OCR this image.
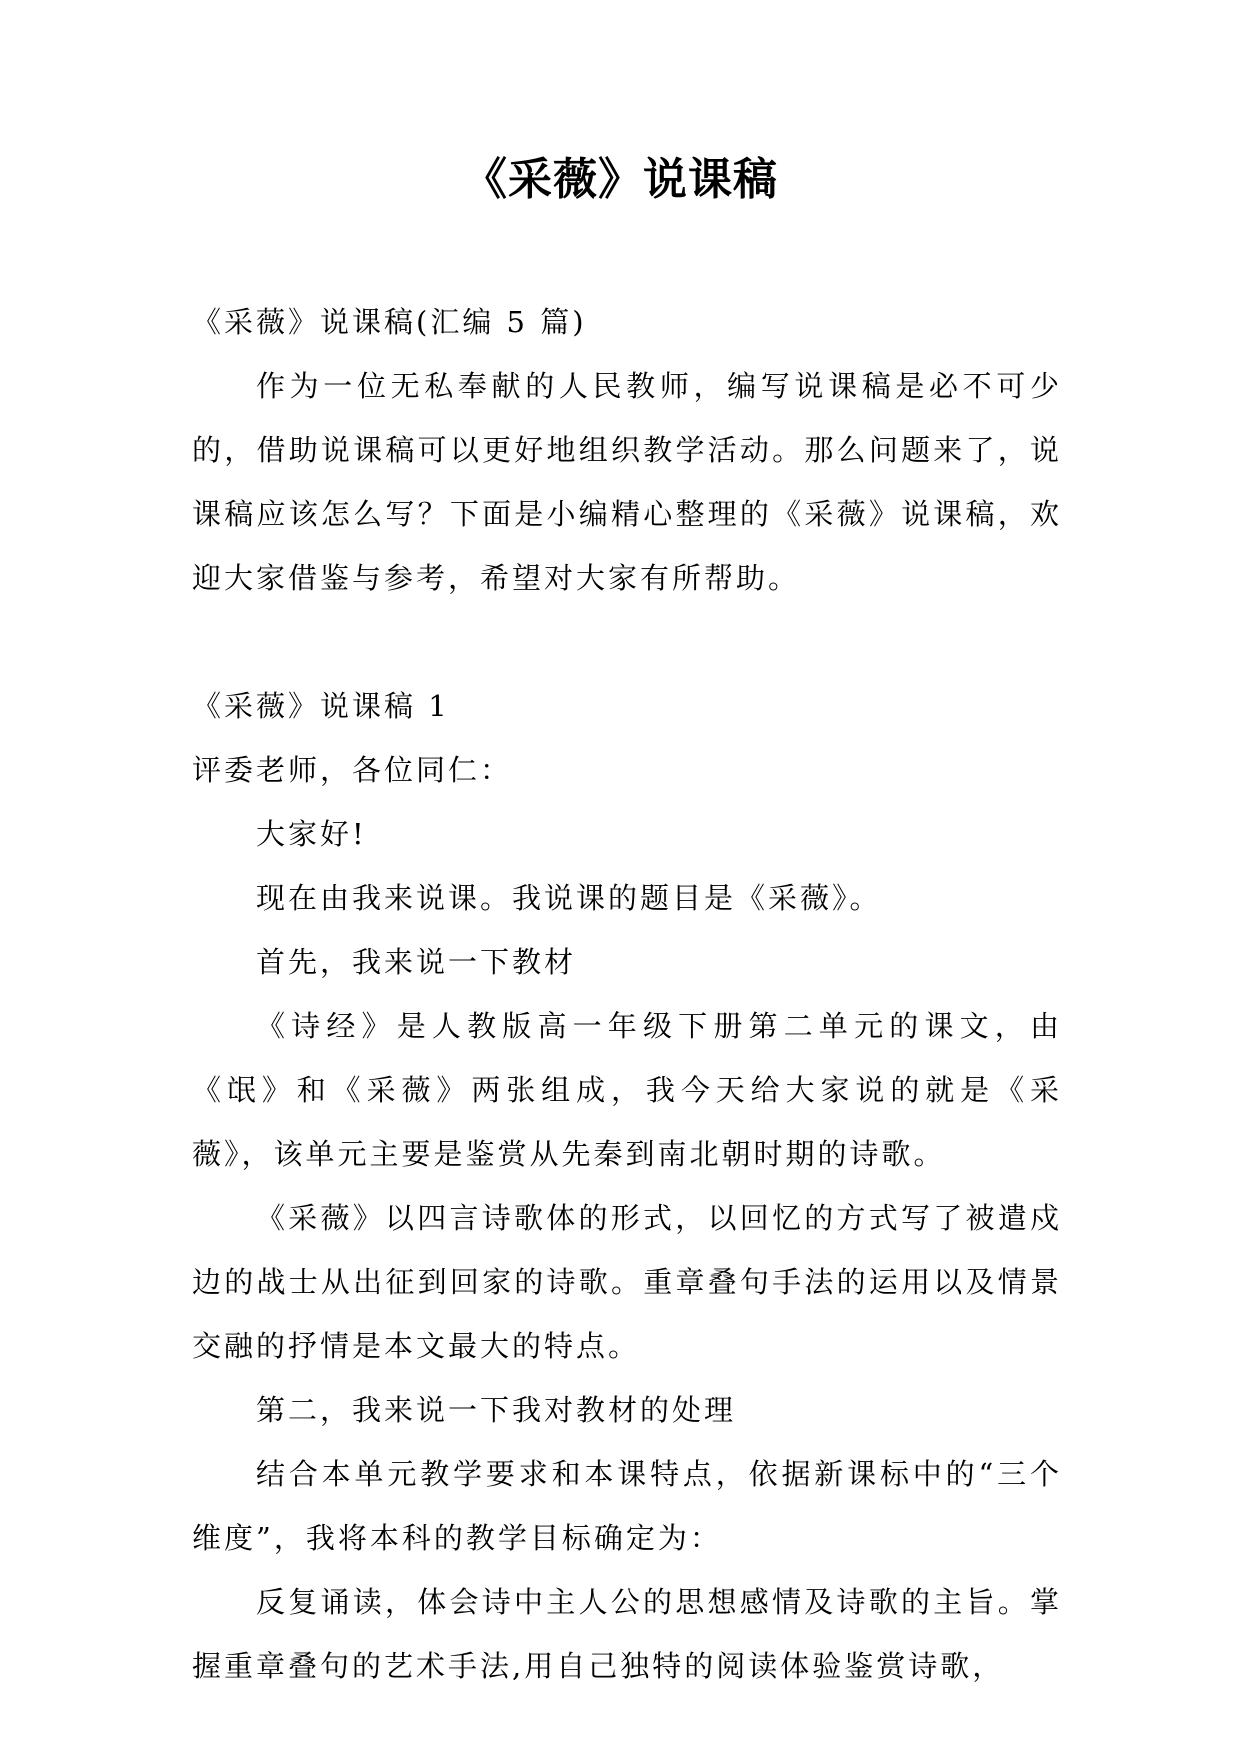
《采薇》说课稿

《采薇》说课稿(汇编 5 篇)

作为一位无私奉献的人民教师，编写说课稿是必不可少的，借助说课稿可以更好地组织教学活动。那么问题来了，说课稿应该怎么写？下面是小编精心整理的《采薇》说课稿，欢迎大家借鉴与参考，希望对大家有所帮助。

《采薇》说课稿 1

评委老师，各位同仁：

大家好!

现在由我来说课。我说课的题目是《采薇》。

首先，我来说一下教材

《诗经》是人教版高一年级下册第二单元的课文，由《氓》和《采薇》两张组成，我今天给大家说的就是《采薇》，该单元主要是鉴赏从先秦到南北朝时期的诗歌。

《采薇》以四言诗歌体的形式，以回忆的方式写了被遣戍边的战士从出征到回家的诗歌。重章叠句手法的运用以及情景交融的抒情是本文最大的特点。

第二，我来说一下我对教材的处理

结合本单元教学要求和本课特点，依据新课标中的“三个维度”，我将本科的教学目标确定为：

反复诵读，体会诗中主人公的思想感情及诗歌的主旨。掌握重章叠句的艺术手法,用自己独特的阅读体验鉴赏诗歌，
